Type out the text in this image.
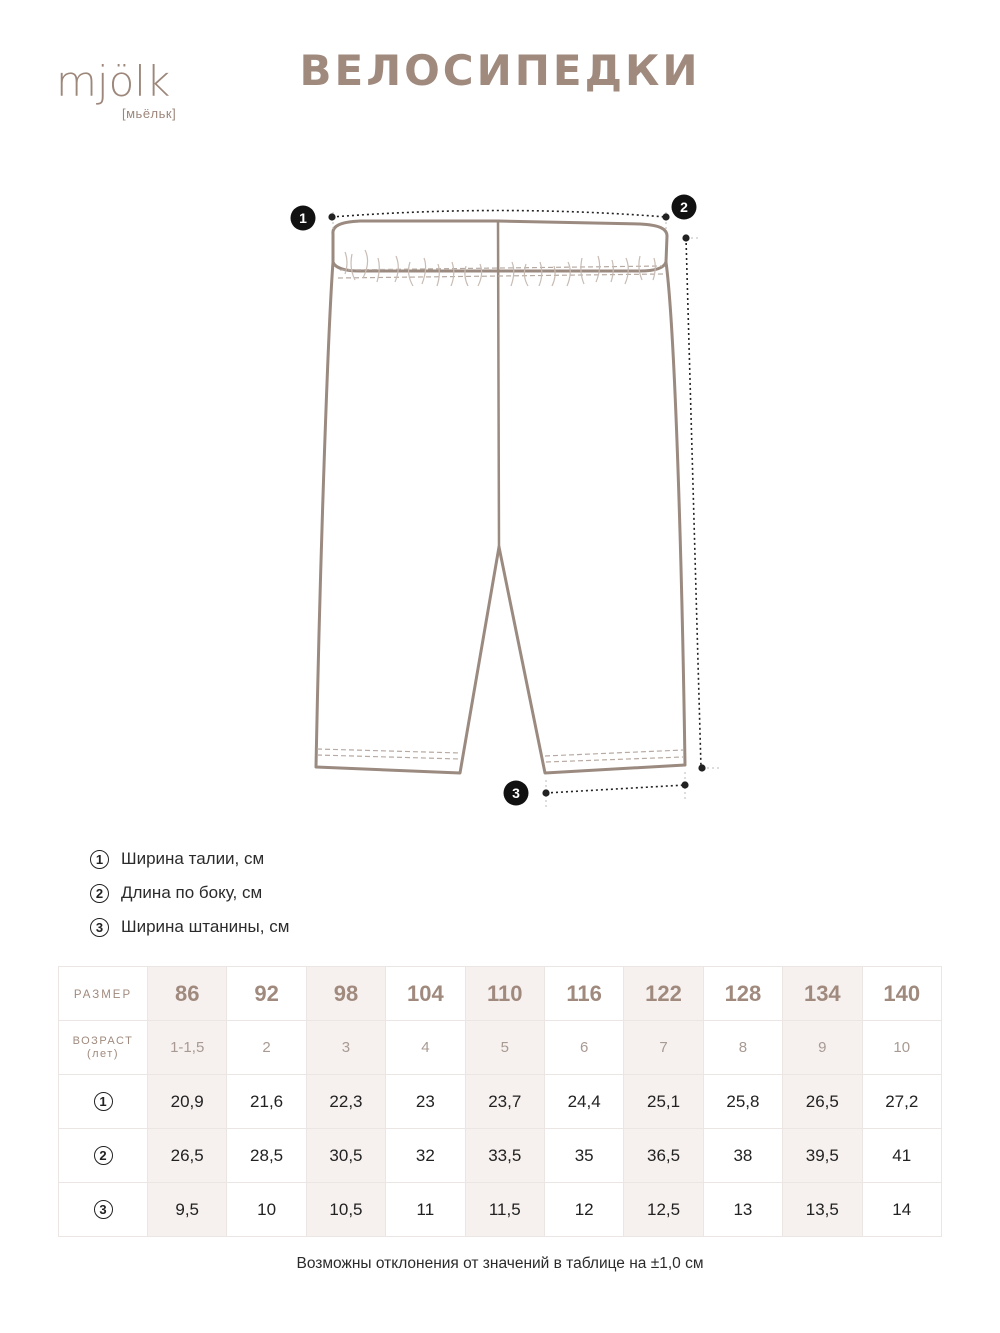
mjölk
[мьёльк]
ВЕЛОСИПЕДКИ
1
2
3
1	Ширина талии, см
2	Длина по боку, см
3	Ширина штанины, см
РАЗМЕР	86	92	98	104	110	116	122	128	134	140

ВОЗРАСТ
(лет)	1-1,5	2	3	4	5	6	7	8	9	10
1	20,9	21,6	22,3	23	23,7	24,4	25,1	25,8	26,5	27,2
2	26,5	28,5	30,5	32	33,5	35	36,5	38	39,5	41
3	9,5	10	10,5	11	11,5	12	12,5	13	13,5	14
Возможны отклонения от значений в таблице на ±1,0 см
